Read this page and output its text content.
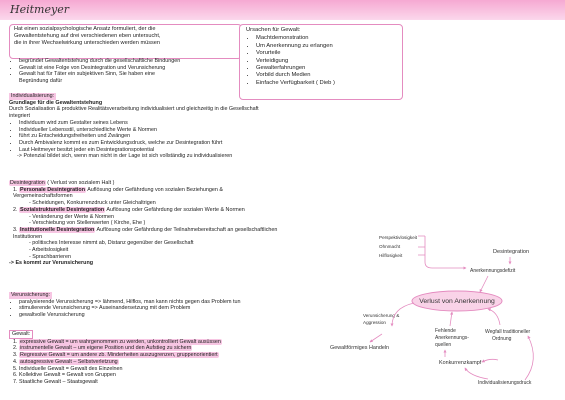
Heitmeyer
Hat einen sozialpsychologische Ansatz formuliert, der die
Gewaltentstehung auf drei verschiedenen eben untersucht,
die in ihrer Wechselwirkung unterschieden werden müssen
Ursachen für Gewalt:
• Machtdemonstration
• Um Anerkennung zu erlangen
• Vorurteile
• Verteidigung
• Gewalterfahrungen
• Vorbild durch Medien
• Einfache Verfügbarkeit ( Dieb )
• begründet Gewaltentstehung durch die gesellschaftliche Bindungen
• Gewalt ist eine Folge von Desintegration und Verunsicherung
• Gewalt hat für Täter ein subjektiven Sinn, Sie haben eine
Begründung dafür
Individualisierung:
Grundlage für die Gewaltentstehung
Durch Sozialisation & produktive Realitätsverarbeitung individualisiert und gleichzeitig in die Gesellschaft
integriert
• Individuum wird zum Gestalter seines Lebens
• Individueller Lebensstil, unterschiedliche Werte & Normen
• führt zu Entscheidungsfreiheiten und Zwängen
• Durch Ambivalenz kommt es zum Entwicklungsdruck, welche zur Desintegration führt
• Laut Heitmeyer besitzt jeder ein Desintegrationspotential
-> Potenzial bildet sich, wenn man nicht in der Lage ist sich vollständig zu individualisieren
Desintegration ( Verlust von sozialem Halt )
1. Personale Desintegration Auflösung oder Gefährdung von sozialen Beziehungen &
Vergemeinschaftsformen
- Scheidungen, Konkurrenzdruck unter Gleichaltrigen
2. Sozialstrukturelle Desintegration Auflösung oder Gefährdung der sozialen Werte & Normen
- Veränderung der Werte & Normen
- Verschiebung von Stellenwerten ( Kirche, Ehe )
3. Institutionelle Desintegration Auflösung oder Gefährdung der Teilnahmebereitschaft an gesellschaftlichen
Institutionen
- politisches Interesse nimmt ab, Distanz gegenüber der Gesellschaft
- Arbeitslosigkeit
- Sprachbarrieren
-> Es kommt zur Verunsicherung
Verunsicherung:
• paralysierende Verunsicherung => lähmend, Hilflos, man kann nichts gegen das Problem tun
• stimulierende Verunsicherung => Auseinandersetzung mit dem Problem
• gewaltvolle Verunsicherung
Gewalt:
1. expressive Gewalt = um wahrgenommen zu werden, unkontrolliert Gewalt ausüssen
2. instrumentelle Gewalt – um eigene Position und den Aufstieg zu sichern
3. Regressive Gewalt = um andere zb. Minderheiten auszugrenzen, gruppenorientiert
4. autoagressive Gewalt – Selbstverletzung
5. Individuelle Gewalt = Gewalt des Einzelnen
6. Kollektive Gewalt = Gewalt von Gruppen
7. Staatliche Gewalt – Staatsgewalt
Perspektivlosigkeit
Ohnmacht
Hilflosigkeit
Desintegration
Anerkennungsdefizit
Verlust von Anerkennung
Verunsicherung &
Aggression
Gewaltförmiges Handeln
Fehlende
Anerkennungs-
quellen
Wegfall traditioneller
Ordnung
Konkurrenzkampf
Individualisierungsdruck
